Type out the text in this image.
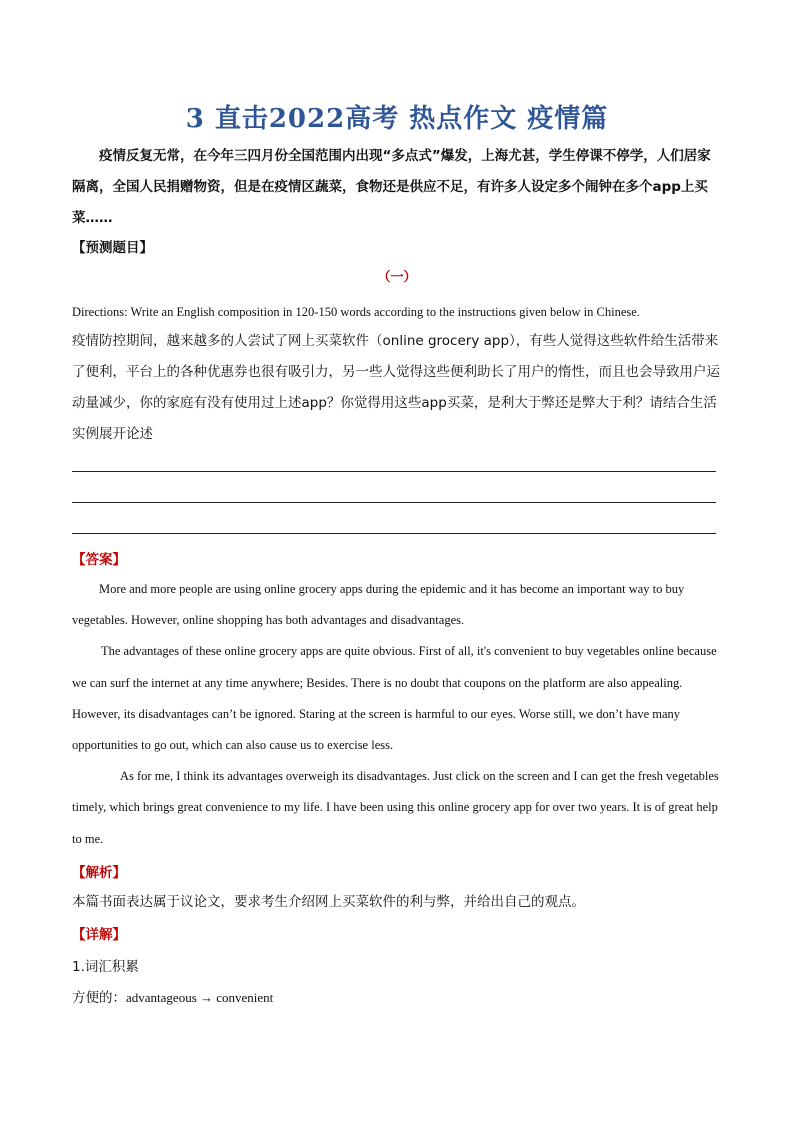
3 直击2022高考 热点作文 疫情篇
疫情反复无常，在今年三四月份全国范围内出现“多点式”爆发，上海尤甚，学生停课不停学，人们居家隔离，全国人民捐赠物资，但是在疫情区蔬菜，食物还是供应不足，有许多人设定多个闹钟在多个app上买菜……
【预测题目】
（一）
Directions: Write an English composition in 120-150 words according to the instructions given below in Chinese.
疫情防控期间，越来越多的人尝试了网上买菜软件（online grocery app），有些人觉得这些软件给生活带来了便利，平台上的各种优惠券也很有吸引力，另一些人觉得这些便利助长了用户的惰性，而且也会导致用户运动量减少，你的家庭有没有使用过上述app？你觉得用这些app买菜，是利大于弊还是弊大于利？请结合生活实例展开论述
【答案】

More and more people are using online grocery apps during the epidemic and it has become an important way to buy vegetables. However, online shopping has both advantages and disadvantages.

The advantages of these online grocery apps are quite obvious. First of all, it's convenient to buy vegetables online because we can surf the internet at any time anywhere; Besides. There is no doubt that coupons on the platform are also appealing. However, its disadvantages can’t be ignored. Staring at the screen is harmful to our eyes. Worse still, we don’t have many opportunities to go out, which can also cause us to exercise less.

As for me, I think its advantages overweigh its disadvantages. Just click on the screen and I can get the fresh vegetables timely, which brings great convenience to my life. I have been using this online grocery app for over two years. It is of great help to me.

【解析】
本篇书面表达属于议论文，要求考生介绍网上买菜软件的利与弊，并给出自己的观点。
【详解】
1.词汇积累
方便的：advantageous → convenient
